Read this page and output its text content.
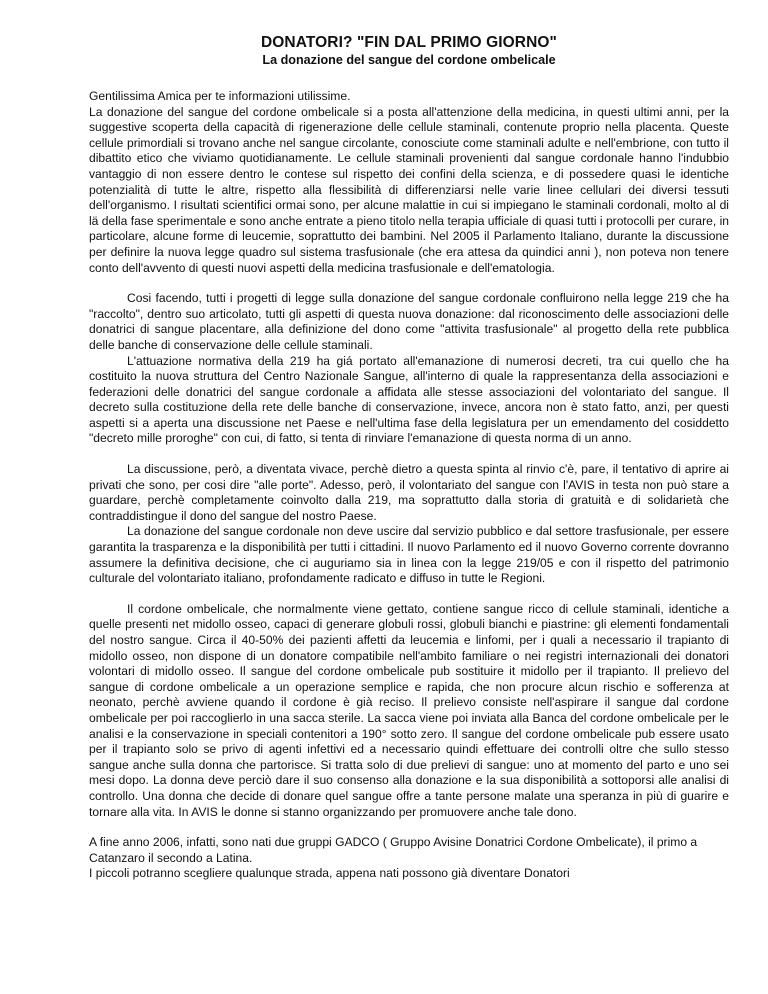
DONATORI? "FIN DAL PRIMO GIORNO"
La donazione del sangue del cordone ombelicale

Gentilissima Amica per te informazioni utilissime.

La donazione del sangue del cordone ombelicale si a posta all'attenzione della medicina, in questi ultimi anni, per la suggestive scoperta della capacità di rigenerazione delle cellule staminali, contenute proprio nella placenta. Queste cellule primordiali si trovano anche nel sangue circolante, conosciute come staminali adulte e nell'embrione, con tutto il dibattito etico che viviamo quotidianamente. Le cellule staminali provenienti dal sangue cordonale hanno l'indubbio vantaggio di non essere dentro le contese sul rispetto dei confini della scienza, e di possedere quasi le identiche potenzialità di tutte le altre, rispetto alla flessibilità di differenziarsi nelle varie linee cellulari dei diversi tessuti dell'organismo. I risultati scientifici ormai sono, per alcune malattie in cui si impiegano le staminali cordonali, molto al di lä della fase sperimentale e sono anche entrate a pieno titolo nella terapia ufficiale di quasi tutti i protocolli per curare, in particolare, alcune forme di leucemie, soprattutto dei bambini. Nel 2005 il Parlamento Italiano, durante la discussione per definire la nuova legge quadro sul sistema trasfusionale (che era attesa da quindici anni ), non poteva non tenere conto dell'avvento di questi nuovi aspetti della medicina trasfusionale e dell'ematologia.

Cosi facendo, tutti i progetti di legge sulla donazione del sangue cordonale confluirono nella legge 219 che ha "raccolto", dentro suo articolato, tutti gli aspetti di questa nuova donazione: dal riconoscimento delle associazioni delle donatrici di sangue placentare, alla definizione del dono come "attivita trasfusionale" al progetto della rete pubblica delle banche di conservazione delle cellule staminali.

L'attuazione normativa della 219 ha giá portato all'emanazione di numerosi decreti, tra cui quello che ha costituito la nuova struttura del Centro Nazionale Sangue, all'interno di quale la rappresentanza della associazioni e federazioni delle donatrici del sangue cordonale a affidata alle stesse associazioni del volontariato del sangue. Il decreto sulla costituzione della rete delle banche di conservazione, invece, ancora non è stato fatto, anzi, per questi aspetti si a aperta una discussione net Paese e nell'ultima fase della legislatura per un emendamento del cosiddetto "decreto mille proroghe" con cui, di fatto, si tenta di rinviare l'emanazione di questa norma di un anno.

La discussione, però, a diventata vivace, perchè dietro a questa spinta al rinvio c'è, pare, il tentativo di aprire ai privati che sono, per cosi dire "alle porte". Adesso, però, il volontariato del sangue con l'AVIS in testa non può stare a guardare, perchè completamente coinvolto dalla 219, ma soprattutto dalla storia di gratuità e di solidarietà che contraddistingue il dono del sangue del nostro Paese.

La donazione del sangue cordonale non deve uscire dal servizio pubblico e dal settore trasfusionale, per essere garantita la trasparenza e la disponibilità per tutti i cittadini. Il nuovo Parlamento ed il nuovo Governo corrente dovranno assumere la definitiva decisione, che ci auguriamo sia in linea con la legge 219/05 e con il rispetto del patrimonio culturale del volontariato italiano, profondamente radicato e diffuso in tutte le Regioni.

Il cordone ombelicale, che normalmente viene gettato, contiene sangue ricco di cellule staminali, identiche a quelle presenti net midollo osseo, capaci di generare globuli rossi, globuli bianchi e piastrine: gli elementi fondamentali del nostro sangue. Circa il 40-50% dei pazienti affetti da leucemia e linfomi, per i quali a necessario il trapianto di midollo osseo, non dispone di un donatore compatibile nell'ambito familiare o nei registri internazionali dei donatori volontari di midollo osseo. Il sangue del cordone ombelicale pub sostituire it midollo per il trapianto. Il prelievo del sangue di cordone ombelicale a un operazione semplice e rapida, che non procure alcun rischio e sofferenza at neonato, perchè avviene quando il cordone è già reciso. Il prelievo consiste nell'aspirare il sangue dal cordone ombelicale per poi raccoglierlo in una sacca sterile. La sacca viene poi inviata alla Banca del cordone ombelicale per le analisi e la conservazione in speciali contenitori a 190° sotto zero. Il sangue del cordone ombelicale pub essere usato per il trapianto solo se privo di agenti infettivi ed a necessario quindi effettuare dei controlli oltre che sullo stesso sangue anche sulla donna che partorisce. Si tratta solo di due prelievi di sangue: uno at momento del parto e uno sei mesi dopo. La donna deve perciò dare il suo consenso alla donazione e la sua disponibilità a sottoporsi alle analisi di controllo. Una donna che decide di donare quel sangue offre a tante persone malate una speranza in più di guarire e tornare alla vita. In AVIS le donne si stanno organizzando per promuovere anche tale dono.

A fine anno 2006, infatti, sono nati due gruppi GADCO ( Gruppo Avisine Donatrici Cordone Ombelicate), il primo a Catanzaro il secondo a Latina.

I piccoli potranno scegliere qualunque strada, appena nati possono già diventare Donatori
